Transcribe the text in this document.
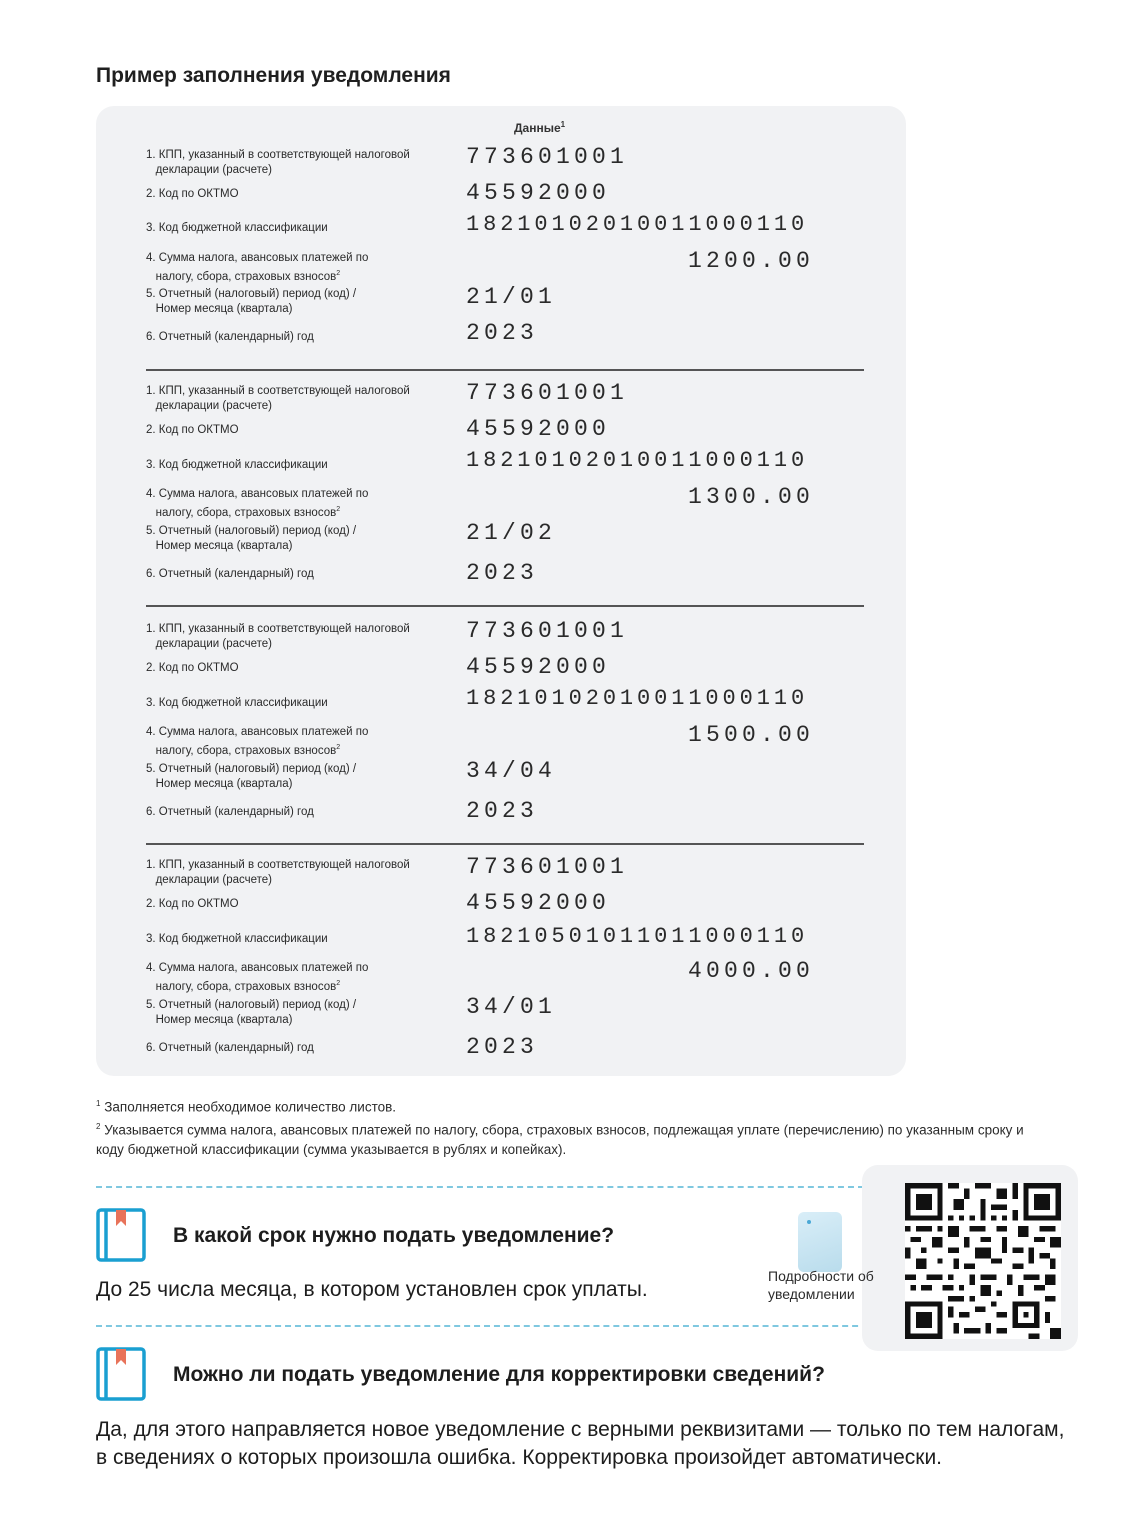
Пример заполнения уведомления
Данные$^1$
1. КПП, указанный в соответствующей налоговой
декларации (расчете)	773601001
2. Код по ОКТМО	45592000
3. Код бюджетной классификации	18210102010011000110
4. Сумма налога, авансовых платежей по
налогу, сбора, страховых взносов$^2$	1200.00
5. Отчетный (налоговый) период (код) /
Номер месяца (квартала)	21/01
6. Отчетный (календарный) год	2023
1. КПП, указанный в соответствующей налоговой
декларации (расчете)	773601001
2. Код по ОКТМО	45592000
3. Код бюджетной классификации	18210102010011000110
4. Сумма налога, авансовых платежей по
налогу, сбора, страховых взносов$^2$	1300.00
5. Отчетный (налоговый) период (код) /
Номер месяца (квартала)	21/02
6. Отчетный (календарный) год	2023
1. КПП, указанный в соответствующей налоговой
декларации (расчете)	773601001
2. Код по ОКТМО	45592000
3. Код бюджетной классификации	18210102010011000110
4. Сумма налога, авансовых платежей по
налогу, сбора, страховых взносов$^2$	1500.00
5. Отчетный (налоговый) период (код) /
Номер месяца (квартала)	34/04
6. Отчетный (календарный) год	2023
1. КПП, указанный в соответствующей налоговой
декларации (расчете)	773601001
2. Код по ОКТМО	45592000
3. Код бюджетной классификации	18210501011011000110
4. Сумма налога, авансовых платежей по
налогу, сбора, страховых взносов$^2$	4000.00
5. Отчетный (налоговый) период (код) /
Номер месяца (квартала)	34/01
6. Отчетный (календарный) год	2023
$^1$ Заполняется необходимое количество листов.
$^2$ Указывается сумма налога, авансовых платежей по налогу, сбора, страховых взносов, подлежащая уплате (перечислению) по указанным сроку и коду бюджетной классификации (сумма указывается в рублях и копейках).
В какой срок нужно подать уведомление?
До 25 числа месяца, в котором установлен срок уплаты.
Можно ли подать уведомление для корректировки сведений?
Да, для этого направляется новое уведомление с верными реквизитами — только по тем налогам, в сведениях о которых произошла ошибка. Корректировка произойдет автоматически.
Подробности об уведомлении
